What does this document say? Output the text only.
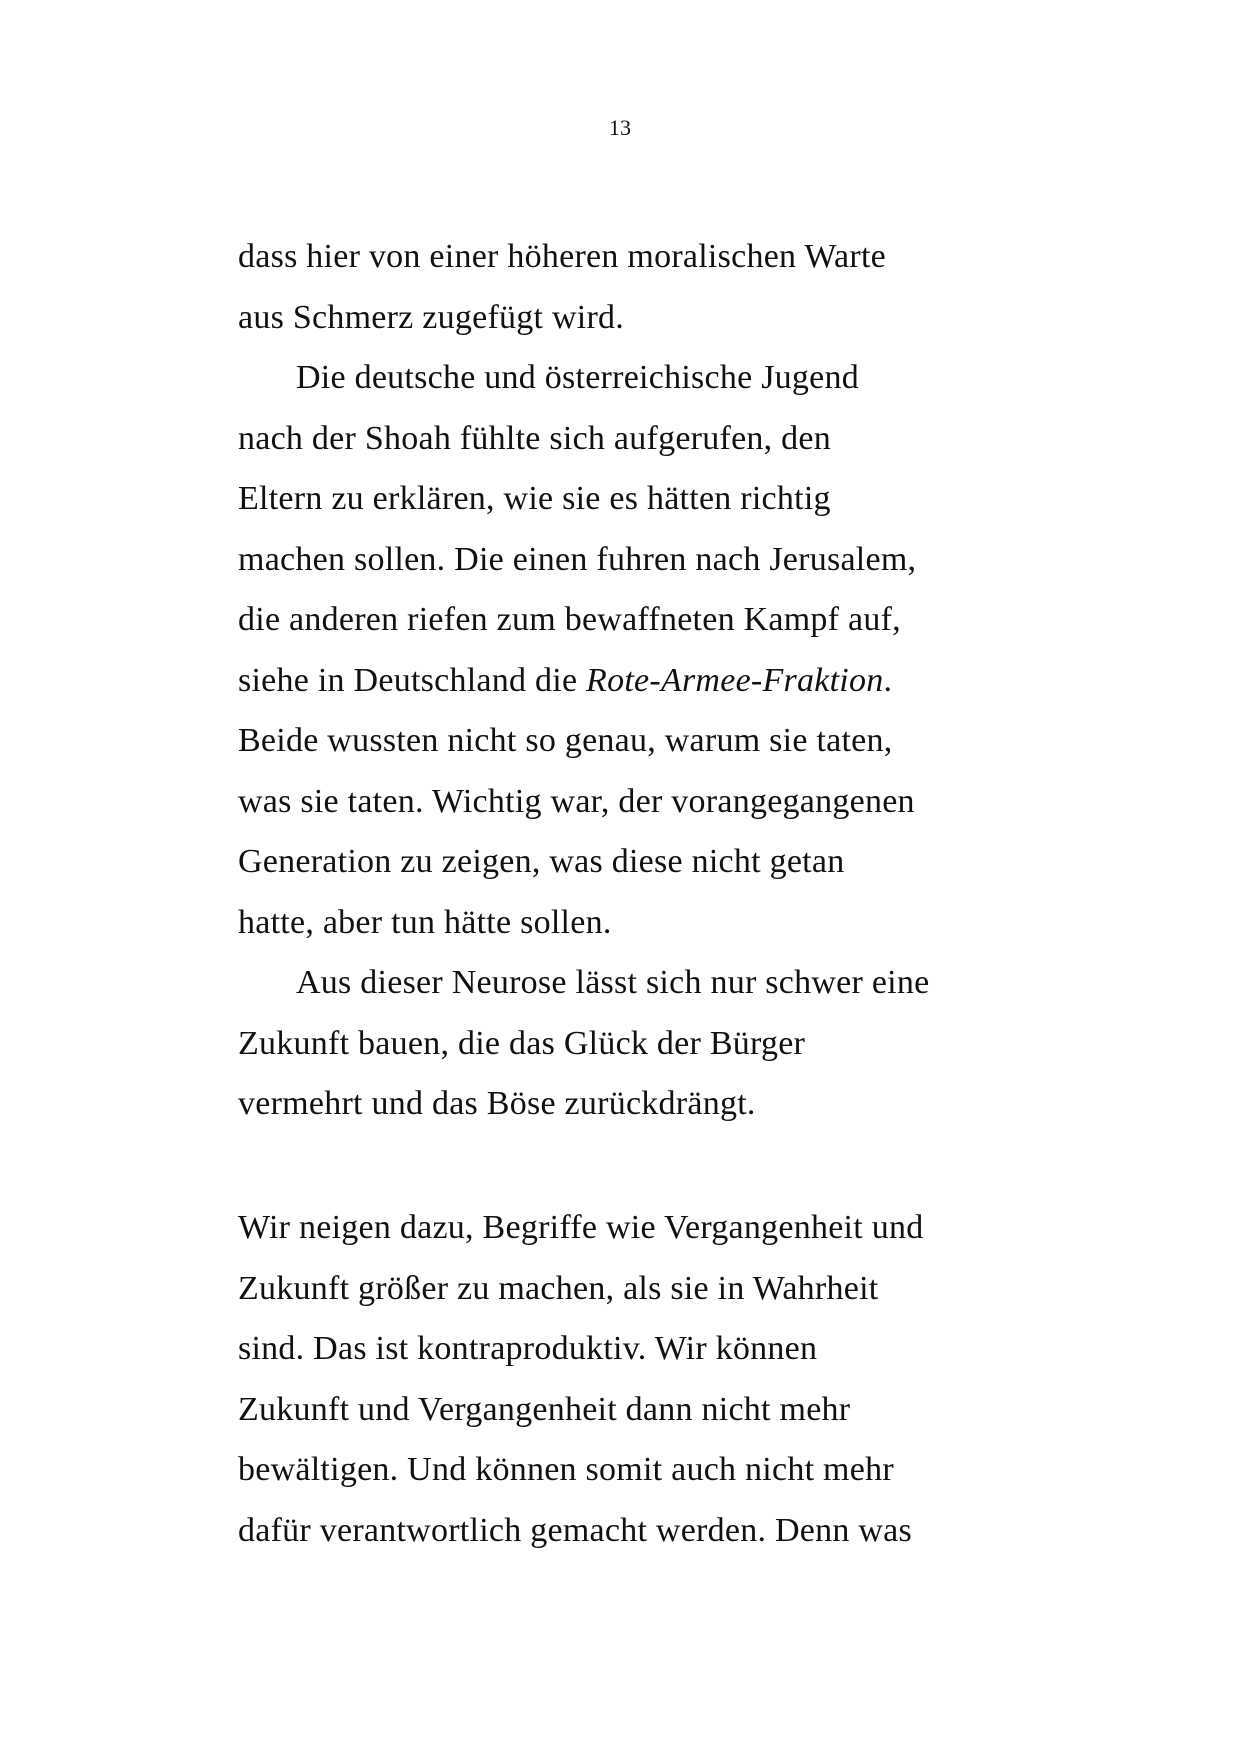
13
dass hier von einer höheren moralischen Warte
aus Schmerz zugefügt wird.
Die deutsche und österreichische Jugend
nach der Shoah fühlte sich aufgerufen, den
Eltern zu erklären, wie sie es hätten richtig
machen sollen. Die einen fuhren nach Jerusalem,
die anderen riefen zum bewaffneten Kampf auf,
siehe in Deutschland die Rote-Armee-Fraktion.
Beide wussten nicht so genau, warum sie taten,
was sie taten. Wichtig war, der vorangegangenen
Generation zu zeigen, was diese nicht getan
hatte, aber tun hätte sollen.
Aus dieser Neurose lässt sich nur schwer eine
Zukunft bauen, die das Glück der Bürger
vermehrt und das Böse zurückdrängt.
Wir neigen dazu, Begriffe wie Vergangenheit und
Zukunft größer zu machen, als sie in Wahrheit
sind. Das ist kontraproduktiv. Wir können
Zukunft und Vergangenheit dann nicht mehr
bewältigen. Und können somit auch nicht mehr
dafür verantwortlich gemacht werden. Denn was
